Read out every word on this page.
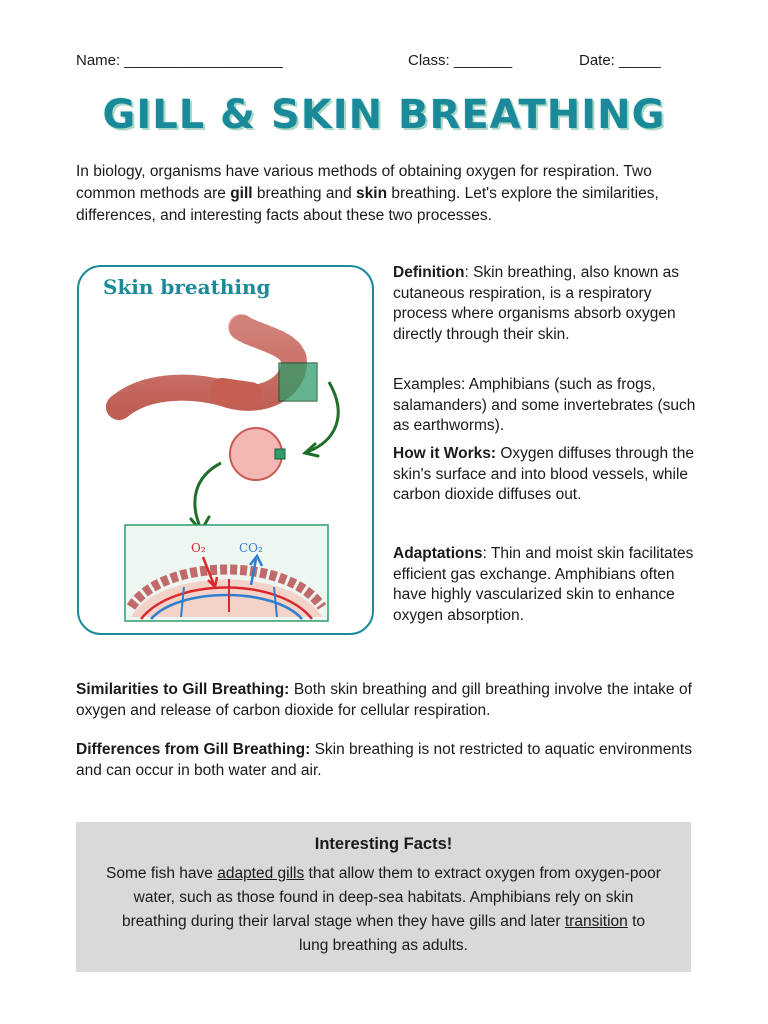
Name: ___________________	Class: _______	Date: _____
GILL & SKIN BREATHING

In biology, organisms have various methods of obtaining oxygen for respiration. Two common methods are gill breathing and skin breathing. Let's explore the similarities, differences, and interesting facts about these two processes.

O₂	CO₂
Skin breathing

Definition: Skin breathing, also known as cutaneous respiration, is a respiratory process where organisms absorb oxygen directly through their skin.

Examples: Amphibians (such as frogs, salamanders) and some invertebrates (such as earthworms).

How it Works: Oxygen diffuses through the skin's surface and into blood vessels, while carbon dioxide diffuses out.

Adaptations: Thin and moist skin facilitates efficient gas exchange. Amphibians often have highly vascularized skin to enhance oxygen absorption.

Similarities to Gill Breathing: Both skin breathing and gill breathing involve the intake of oxygen and release of carbon dioxide for cellular respiration.

Differences from Gill Breathing: Skin breathing is not restricted to aquatic environments and can occur in both water and air.

Interesting Facts!

Some fish have adapted gills that allow them to extract oxygen from oxygen-poor water, such as those found in deep-sea habitats. Amphibians rely on skin breathing during their larval stage when they have gills and later transition to lung breathing as adults.
